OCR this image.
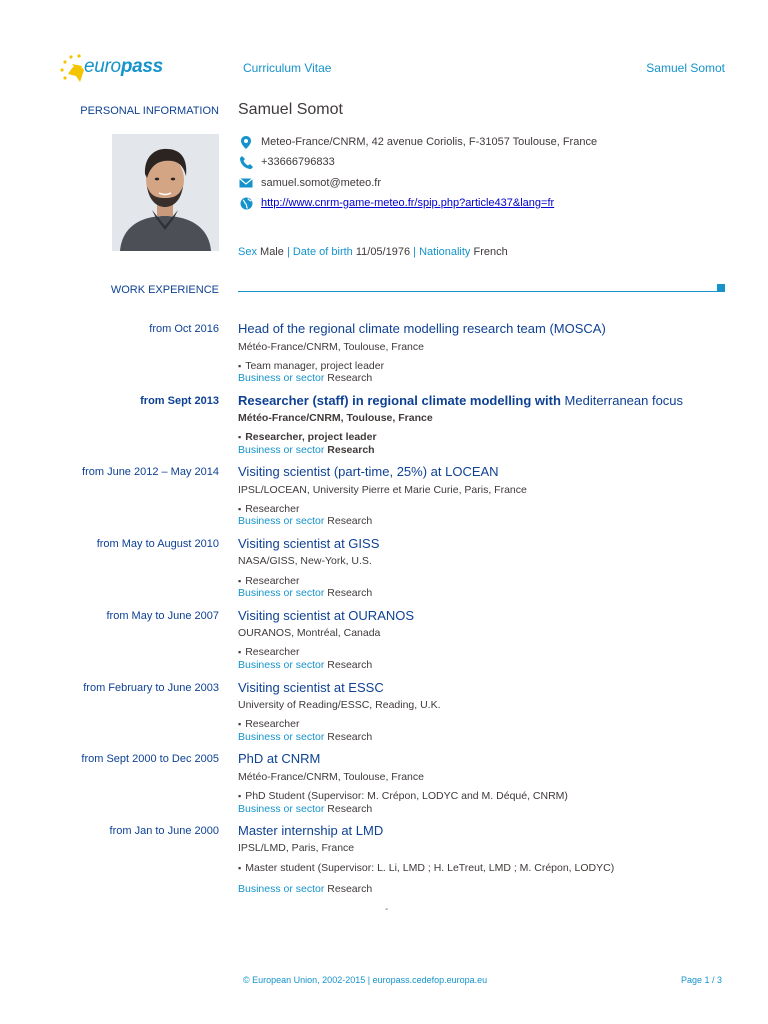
europass	Curriculum Vitae	Samuel Somot
PERSONAL INFORMATION Samuel Somot
Meteo-France/CNRM, 42 avenue Coriolis, F-31057 Toulouse, France
+33666796833
samuel.somot@meteo.fr
http://www.cnrm-game-meteo.fr/spip.php?article437&lang=fr
Sex Male | Date of birth 11/05/1976 | Nationality French
WORK EXPERIENCE
from Oct 2016 Head of the regional climate modelling research team (MOSCA)
Météo-France/CNRM, Toulouse, France
▪ Team manager, project leader
Business or sector Research
from Sept 2013 Researcher (staff) in regional climate modelling with Mediterranean focus
Météo-France/CNRM, Toulouse, France
▪ Researcher, project leader
Business or sector Research
from June 2012 – May 2014 Visiting scientist (part-time, 25%) at LOCEAN
IPSL/LOCEAN, University Pierre et Marie Curie, Paris, France
▪ Researcher
Business or sector Research
from May to August 2010 Visiting scientist at GISS
NASA/GISS, New-York, U.S.
▪ Researcher
Business or sector Research
from May to June 2007 Visiting scientist at OURANOS
OURANOS, Montréal, Canada
▪ Researcher
Business or sector Research
from February to June 2003 Visiting scientist at ESSC
University of Reading/ESSC, Reading, U.K.
▪ Researcher
Business or sector Research
from Sept 2000 to Dec 2005 PhD at CNRM
Météo-France/CNRM, Toulouse, France
▪ PhD Student (Supervisor: M. Crépon, LODYC and M. Déqué, CNRM)
Business or sector Research
from Jan to June 2000 Master internship at LMD
IPSL/LMD, Paris, France
▪ Master student (Supervisor: L. Li, LMD ; H. LeTreut, LMD ; M. Crépon, LODYC)
Business or sector Research
-
© European Union, 2002-2015 | europass.cedefop.europa.eu	Page 1 / 3
